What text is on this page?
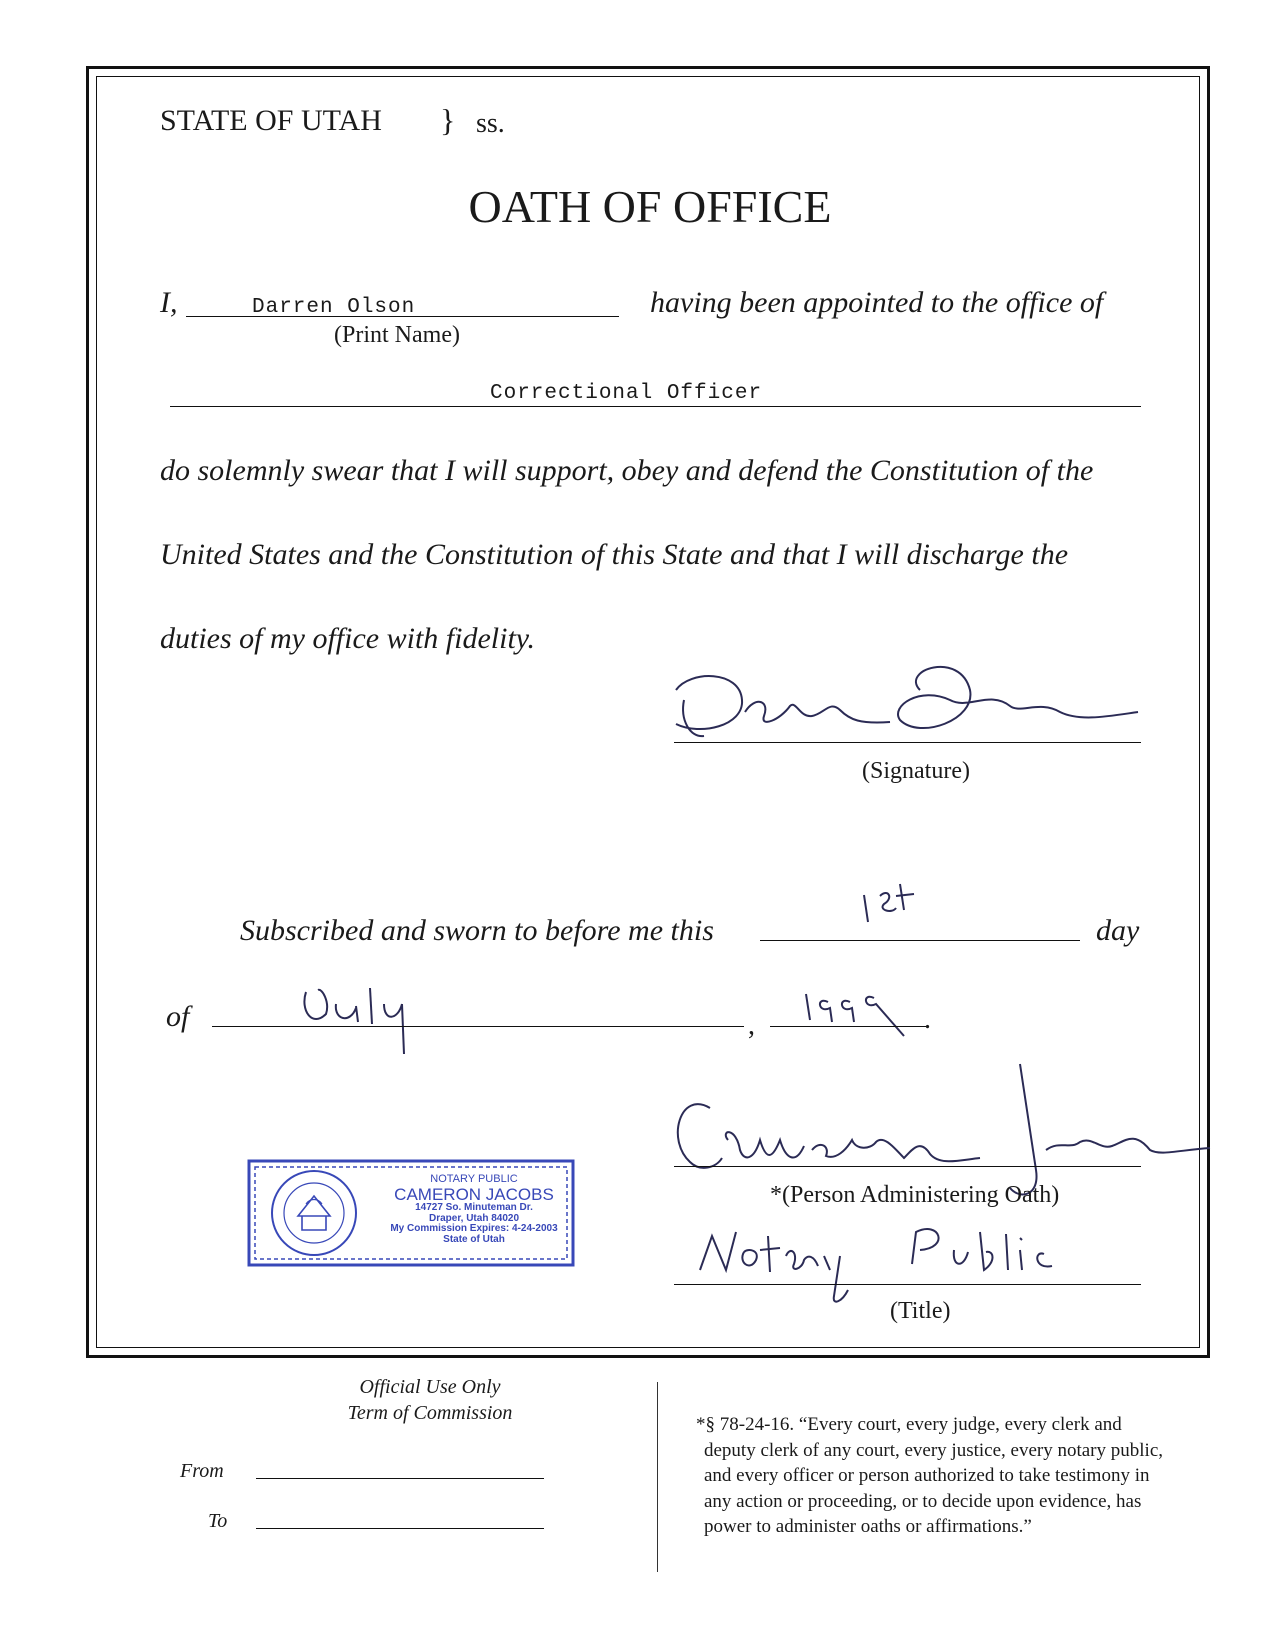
STATE OF UTAH } ss.
OATH OF OFFICE
I,	Darren Olson
(Print Name)
having been appointed to the office of
Correctional Officer
do solemnly swear that I will support, obey and defend the Constitution of the
United States and the Constitution of this State and that I will discharge the
duties of my office with fidelity.
(Signature)
Subscribed and sworn to before me this	day
of	,	.
*(Person Administering Oath)
(Title)
NOTARY PUBLIC
CAMERON JACOBS
14727 So. Minuteman Dr.
Draper, Utah 84020
My Commission Expires: 4-24-2003
State of Utah
Official Use Only
Term of Commission
From
To
*§ 78-24-16. “Every court, every judge, every clerk and
deputy clerk of any court, every justice, every notary public,
and every officer or person authorized to take testimony in
any action or proceeding, or to decide upon evidence, has
power to administer oaths or affirmations.”
